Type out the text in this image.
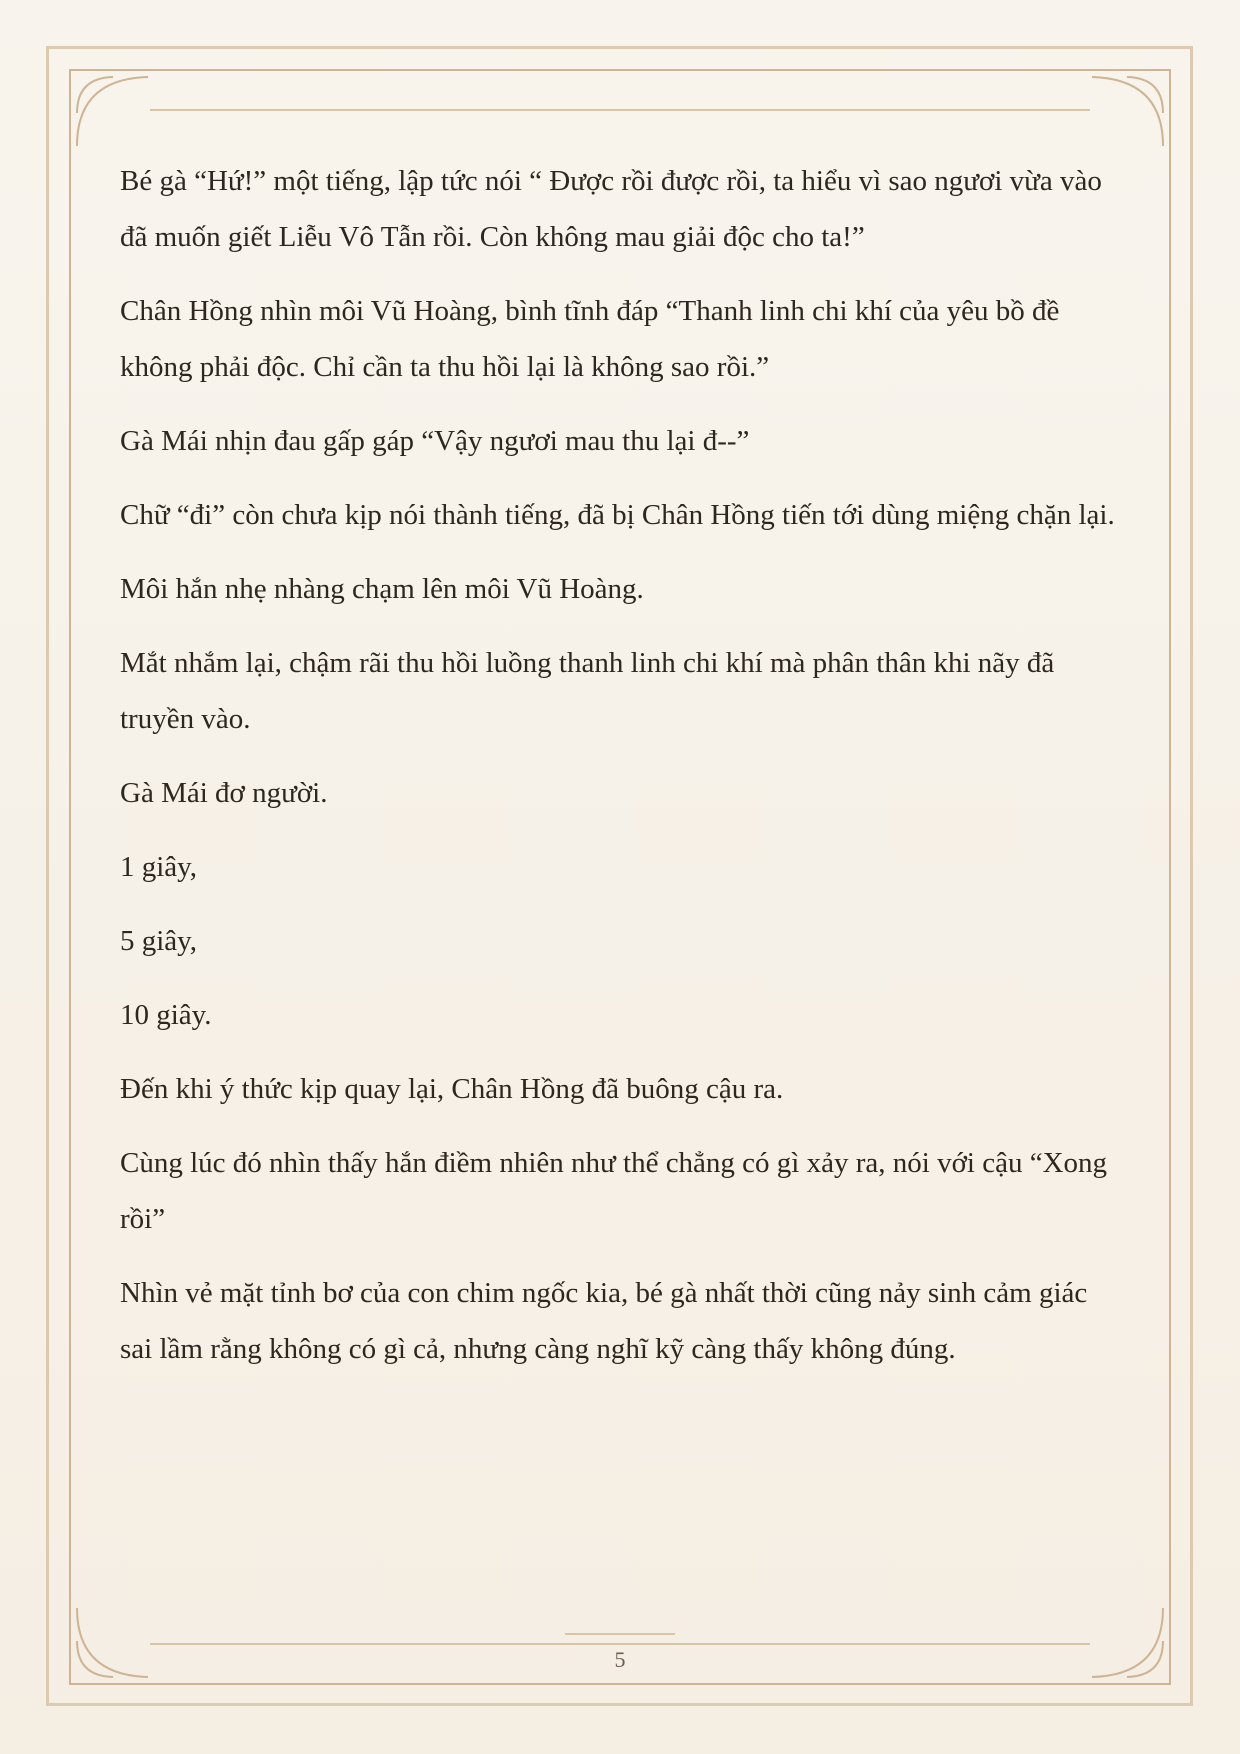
Bé gà “Hứ!” một tiếng, lập tức nói “ Được rồi được rồi, ta hiểu vì sao ngươi vừa vào đã muốn giết Liễu Vô Tẫn rồi. Còn không mau giải độc cho ta!”

Chân Hồng nhìn môi Vũ Hoàng, bình tĩnh đáp “Thanh linh chi khí của yêu bồ đề không phải độc. Chỉ cần ta thu hồi lại là không sao rồi.”

Gà Mái nhịn đau gấp gáp “Vậy ngươi mau thu lại đ--”

Chữ “đi” còn chưa kịp nói thành tiếng, đã bị Chân Hồng tiến tới dùng miệng chặn lại.

Môi hắn nhẹ nhàng chạm lên môi Vũ Hoàng.

Mắt nhắm lại, chậm rãi thu hồi luồng thanh linh chi khí mà phân thân khi nãy đã truyền vào.

Gà Mái đơ người.

1 giây,

5 giây,

10 giây.

Đến khi ý thức kịp quay lại, Chân Hồng đã buông cậu ra.

Cùng lúc đó nhìn thấy hắn điềm nhiên như thể chẳng có gì xảy ra, nói với cậu “Xong rồi”

Nhìn vẻ mặt tỉnh bơ của con chim ngốc kia, bé gà nhất thời cũng nảy sinh cảm giác sai lầm rằng không có gì cả, nhưng càng nghĩ kỹ càng thấy không đúng.

5
